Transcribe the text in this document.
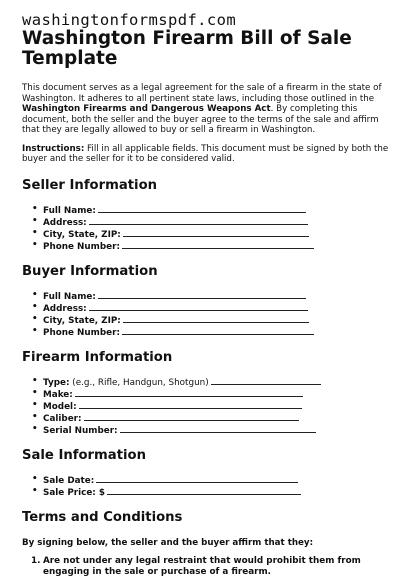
washingtonformspdf.com
Washington Firearm Bill of Sale
Template

This document serves as a legal agreement for the sale of a firearm in the state of Washington. It adheres to all pertinent state laws, including those outlined in the Washington Firearms and Dangerous Weapons Act. By completing this document, both the seller and the buyer agree to the terms of the sale and affirm that they are legally allowed to buy or sell a firearm in Washington.

Instructions: Fill in all applicable fields. This document must be signed by both the buyer and the seller for it to be considered valid.

Seller Information
• Full Name:
• Address:
• City, State, ZIP:
• Phone Number:
Buyer Information
• Full Name:
• Address:
• City, State, ZIP:
• Phone Number:
Firearm Information
• Type: (e.g., Rifle, Handgun, Shotgun)
• Make:
• Model:
• Caliber:
• Serial Number:
Sale Information
• Sale Date:
• Sale Price: $
Terms and Conditions

By signing below, the seller and the buyer affirm that they:

1. Are not under any legal restraint that would prohibit them from engaging in the sale or purchase of a firearm.
